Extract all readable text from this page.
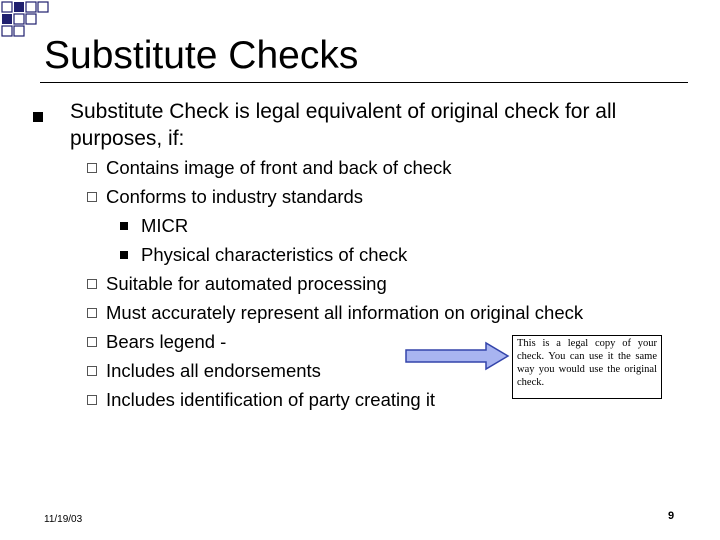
Substitute Checks
Substitute Check is legal equivalent of original check for all purposes, if:
Contains image of front and back of check
Conforms to industry standards
MICR
Physical characteristics of check
Suitable for automated processing
Must accurately represent all information on original check
Bears legend -
Includes all endorsements
Includes identification of party creating it
This is a legal copy of your check. You can use it the same way you would use the original check.
11/19/03	9
